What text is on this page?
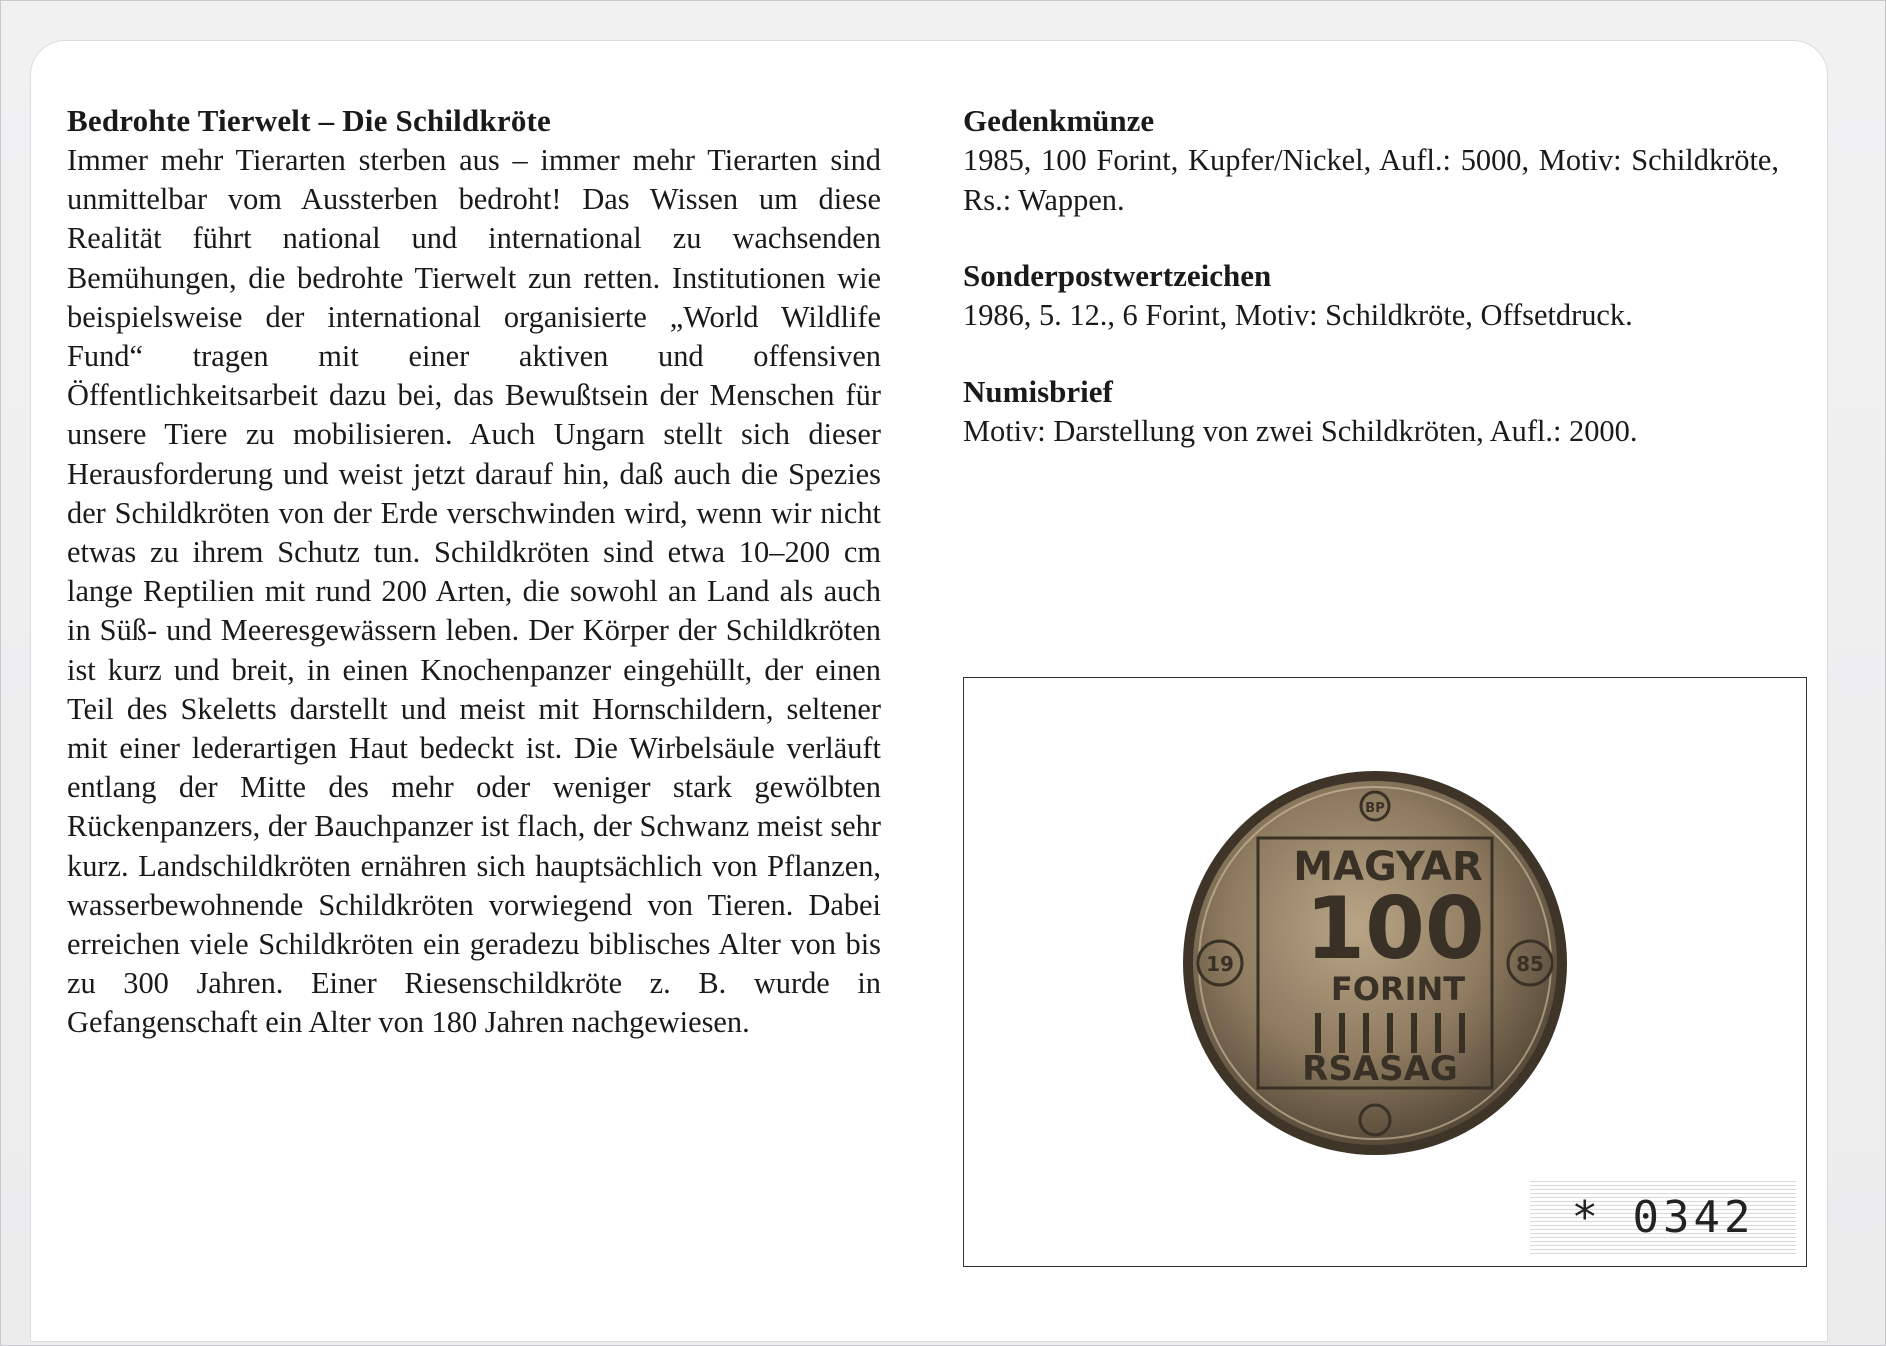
Bedrohte Tierwelt – Die Schildkröte

Immer mehr Tierarten sterben aus – immer mehr Tierarten sind unmittelbar vom Aussterben bedroht! Das Wissen um diese Realität führt national und international zu wachsenden Bemühungen, die bedrohte Tierwelt zun retten. Institutionen wie beispielsweise der international organisierte „World Wildlife Fund“ tragen mit einer aktiven und offensiven Öffentlichkeitsarbeit dazu bei, das Bewußtsein der Menschen für unsere Tiere zu mobilisieren. Auch Ungarn stellt sich dieser Herausforderung und weist jetzt darauf hin, daß auch die Spezies der Schildkröten von der Erde verschwinden wird, wenn wir nicht etwas zu ihrem Schutz tun. Schildkröten sind etwa 10–200 cm lange Reptilien mit rund 200 Arten, die sowohl an Land als auch in Süß- und Meeresgewässern leben. Der Körper der Schildkröten ist kurz und breit, in einen Knochenpanzer eingehüllt, der einen Teil des Skeletts darstellt und meist mit Hornschildern, seltener mit einer lederartigen Haut bedeckt ist. Die Wirbelsäule verläuft entlang der Mitte des mehr oder weniger stark gewölbten Rückenpanzers, der Bauchpanzer ist flach, der Schwanz meist sehr kurz. Landschildkröten ernähren sich hauptsächlich von Pflanzen, wasserbewohnende Schildkröten vorwiegend von Tieren. Dabei erreichen viele Schildkröten ein geradezu biblisches Alter von bis zu 300 Jahren. Einer Riesenschildkröte z. B. wurde in Gefangenschaft ein Alter von 180 Jahren nachgewiesen.

Gedenkmünze

1985, 100 Forint, Kupfer/Nickel, Aufl.: 5000, Motiv: Schildkröte, Rs.: Wappen.

Sonderpostwertzeichen

1986, 5. 12., 6 Forint, Motiv: Schildkröte, Offsetdruck.

Numisbrief

Motiv: Darstellung von zwei Schildkröten, Aufl.: 2000.

BP
MAGYAR
100
FORINT
RSASAG
19	85
* 0342
